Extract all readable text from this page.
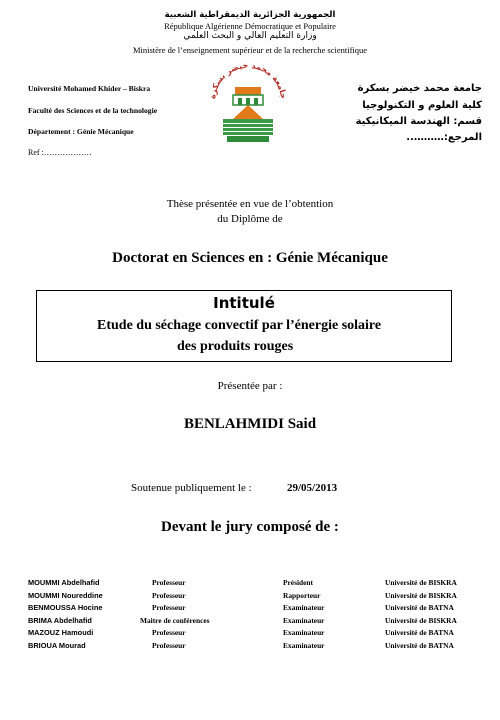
الجمهورية الجزائرية الديمقراطية الشعبية
République Algérienne Démocratique et Populaire
وزارة التعليم العالي و البحث العلمي
Ministère de l’enseignement supérieur et de la recherche scientifique
Université Mohamed Khider – Biskra
Faculté des Sciences et de la technologie
Département : Génie Mécanique
Ref :………………
جامعة محمد خيضر بسكرة
كلية العلوم و التكنولوجيا
قسم: الهندسة الميكانيكية
المرجع:………..
جامعة محمد خيضر بسكرة
Thèse présentée en vue de l’obtention
du Diplôme de
Doctorat en Sciences en : Génie Mécanique
Intitulé
Etude du séchage convectif par l’énergie solaire
des produits rouges
Présentée par :
BENLAHMIDI Said
Soutenue publiquement le :	29/05/2013
Devant le jury composé de :
MOUMMI Abdelhafid	Professeur	Président	Université de BISKRA
MOUMMI Noureddine	Professeur	Rapporteur	Université de BISKRA
BENMOUSSA Hocine	Professeur	Examinateur	Université de BATNA
BRIMA Abdelhafid	Maitre de conférences	Examinateur	Université de BISKRA
MAZOUZ Hamoudi	Professeur	Examinateur	Université de BATNA
BRIOUA Mourad	Professeur	Examinateur	Université de BATNA
